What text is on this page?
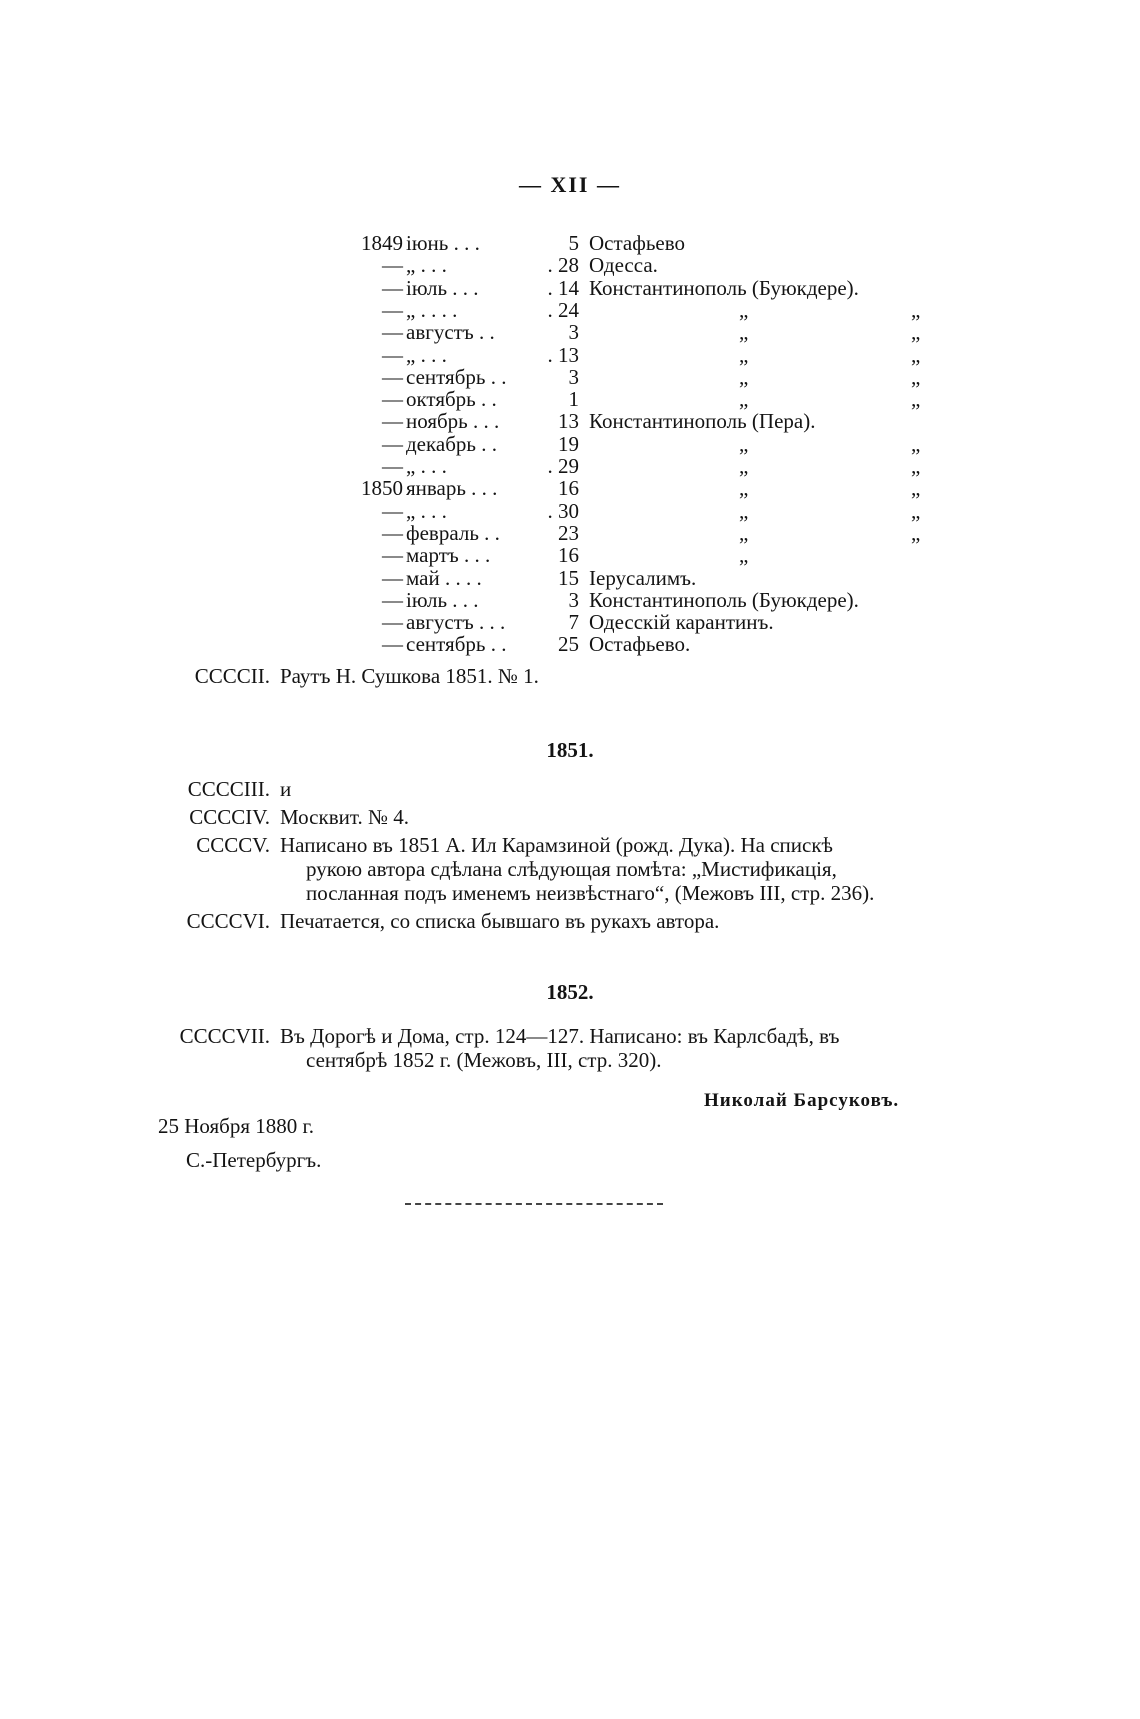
— XII —
1849 іюнь . . .	5 Остафьево
— „ . . .	. 28 Одесса.
— іюль . . .	. 14 Константинополь (Буюкдере).
— „ . . . .	. 24	„	„
— августъ . .	3	„	„
— „ . . .	. 13	„	„
— сентябрь . .	3	„	„
— октябрь . .	1	„	„
— ноябрь . . .	13 Константинополь (Пера).
— декабрь . .	19	„	„
— „ . . .	. 29	„	„
1850 январь . . .	16	„	„
— „ . . .	. 30	„	„
— февраль . .	23	„	„
— мартъ . . .	16	„
— май . . . .	15 Іерусалимъ.
— іюль . . .	3 Константинополь (Буюкдере).
— августъ . . .	7 Одесскій карантинъ.
— сентябрь . .	25 Остафьево.
CCCCII. Раутъ Н. Сушкова 1851. № 1.
1851.
CCCCIII. и
CCCCIV. Москвит. № 4.
CCCCV. Написано въ 1851 А. Ил Карамзиной (рожд. Дука). На спискѣ
рукою автора сдѣлана слѣдующая помѣта: „Мистификація,
посланная подъ именемъ неизвѣстнаго“, (Межовъ III, стр. 236).
CCCCVI. Печатается, со списка бывшаго въ рукахъ автора.
1852.
CCCCVII. Въ Дорогѣ и Дома, стр. 124—127. Написано: въ Карлсбадѣ, въ
сентябрѣ 1852 г. (Межовъ, III, стр. 320).
Николай Барсуковъ.
25 Ноября 1880 г.
С.-Петербургъ.
